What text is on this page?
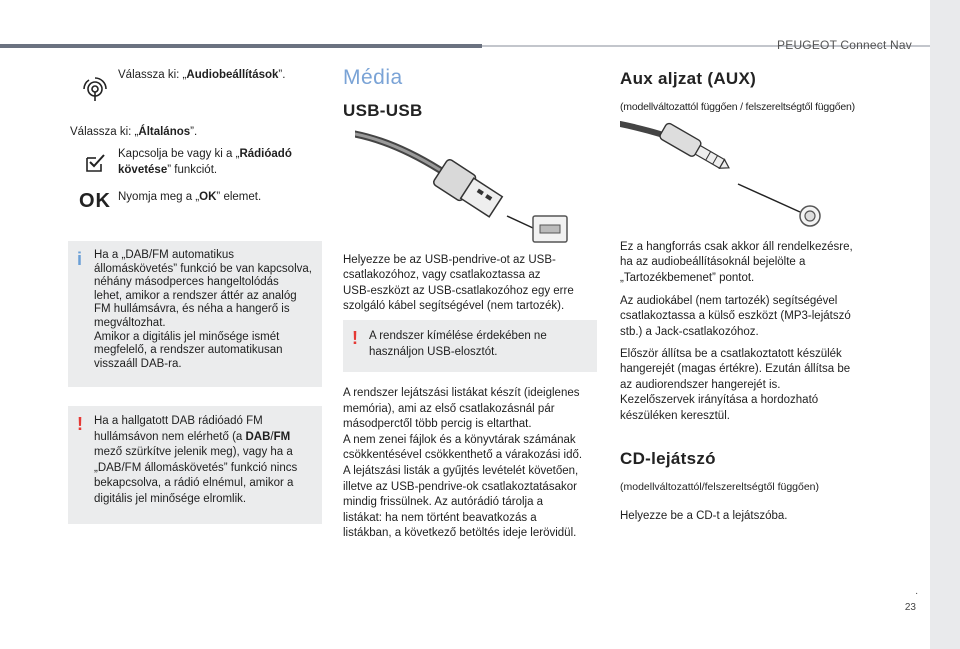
PEUGEOT Connect Nav
.
23

Válassza ki: „Audiobeállítások”.

Válassza ki: „Általános”.

Kapcsolja be vagy ki a „Rádióadó követése” funkciót.

OK Nyomja meg a „OK” elemet.

i Ha a „DAB/FM automatikus
állomáskövetés” funkció be van kapcsolva,
néhány másodperces hangeltolódás
lehet, amikor a rendszer áttér az analóg
FM hullámsávra, és néha a hangerő is
megváltozhat.
Amikor a digitális jel minősége ismét
megfelelő, a rendszer automatikusan
visszaáll DAB-ra.
! Ha a hallgatott DAB rádióadó FM
hullámsávon nem elérhető (a DAB/FM
mező szürkítve jelenik meg), vagy ha a
„DAB/FM állomáskövetés” funkció nincs
bekapcsolva, a rádió elnémul, amikor a
digitális jel minősége elromlik.
Média
USB-USB
Helyezze be az USB-pendrive-ot az USB-
csatlakozóhoz, vagy csatlakoztassa az
USB-eszközt az USB-csatlakozóhoz egy erre
szolgáló kábel segítségével (nem tartozék).
! A rendszer kímélése érdekében ne
használjon USB-elosztót.
A rendszer lejátszási listákat készít (ideiglenes
memória), ami az első csatlakozásnál pár
másodperctől több percig is eltarthat.
A nem zenei fájlok és a könyvtárak számának
csökkentésével csökkenthető a várakozási idő.
A lejátszási listák a gyűjtés levételét követően,
illetve az USB-pendrive-ok csatlakoztatásakor
mindig frissülnek. Az autórádió tárolja a
listákat: ha nem történt beavatkozás a
listákban, a következő betöltés ideje lerövidül.
Aux aljzat (AUX)
(modellváltozattól függően / felszereltségtől függően)
Ez a hangforrás csak akkor áll rendelkezésre,
ha az audiobeállításoknál bejelölte a
„Tartozékbemenet” pontot.
Az audiokábel (nem tartozék) segítségével
csatlakoztassa a külső eszközt (MP3-lejátszó
stb.) a Jack-csatlakozóhoz.
Először állítsa be a csatlakoztatott készülék
hangerejét (magas értékre). Ezután állítsa be
az audiorendszer hangerejét is.
Kezelőszervek irányítása a hordozható
készüléken keresztül.
CD-lejátszó
(modellváltozattól/felszereltségtől függően)
Helyezze be a CD-t a lejátszóba.
